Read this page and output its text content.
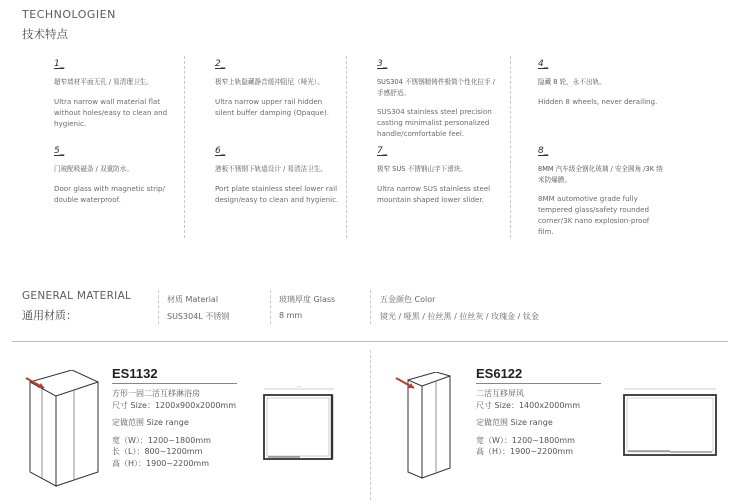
TECHNOLOGIEN
技术特点
1_
超窄墙材平面无孔 / 易清理卫生。
Ultra narrow wall material flat without holes/easy to clean and hygienic.
2_
极窄上轨隐藏静音缓冲阻尼（哑光）。
Ultra narrow upper rail hidden silent buffer damping (Opaque).
3_
SUS304 不锈钢精铸件极简个性化拉手 / 手感舒适。
SUS304 stainless steel precision casting minimalist personalized handle/comfortable feel.
4_
隐藏 8 轮，永不出轨。
Hidden 8 wheels, never derailing.
5_
门玻配吸磁条 / 双重防水。
Door glass with magnetic strip/ double waterproof.
6_
港板不锈钢下轨道设计 / 易清洁卫生。
Port plate stainless steel lower rail design/easy to clean and hygienic.
7_
极窄 SUS 不锈钢山字下滑块。
Ultra narrow SUS stainless steel mountain shaped lower slider.
8_
8MM 汽车级全钢化玻璃 / 安全圆角 /3K 纳米防爆膜。
8MM automotive grade fully tempered glass/safety rounded corner/3K nano explosion-proof film.
GENERAL MATERIAL
通用材质：
材质 Material
SUS304L 不锈钢
玻璃厚度 Glass
8 mm
五金颜色 Color
镜光 / 哑黑 / 拉丝黑 / 拉丝灰 / 玫瑰金 / 钛金
ES1132
方形一固二活互移淋浴房
尺寸 Size：1200x900x2000mm
定做范围 Size range
宽（W）：1200~1800mm
长（L）：800~1200mm
高（H）：1900~2200mm
—
ES6122
二活互移屏风
尺寸 Size：1400x2000mm
定做范围 Size range
宽（W）：1200~1800mm
高（H）：1900~2200mm
